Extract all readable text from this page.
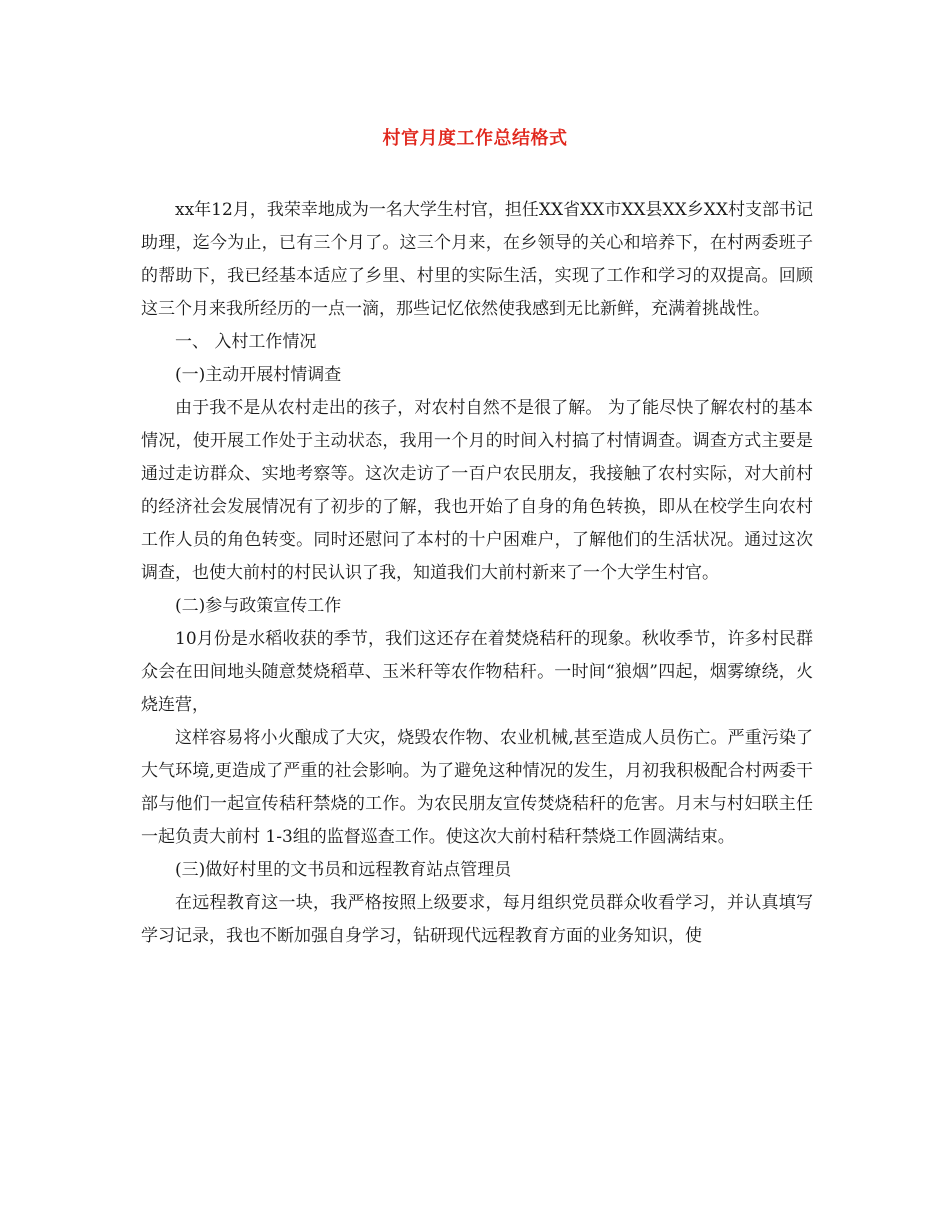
村官月度工作总结格式

xx年12月，我荣幸地成为一名大学生村官，担任XX省XX市XX县XX乡XX村支部书记助理，迄今为止，已有三个月了。这三个月来，在乡领导的关心和培养下，在村两委班子的帮助下，我已经基本适应了乡里、村里的实际生活，实现了工作和学习的双提高。回顾这三个月来我所经历的一点一滴，那些记忆依然使我感到无比新鲜，充满着挑战性。

一、 入村工作情况

(一)主动开展村情调查

由于我不是从农村走出的孩子，对农村自然不是很了解。 为了能尽快了解农村的基本情况，使开展工作处于主动状态，我用一个月的时间入村搞了村情调查。调查方式主要是通过走访群众、实地考察等。这次走访了一百户农民朋友，我接触了农村实际，对大前村的经济社会发展情况有了初步的了解，我也开始了自身的角色转换，即从在校学生向农村工作人员的角色转变。同时还慰问了本村的十户困难户，了解他们的生活状况。通过这次调查，也使大前村的村民认识了我，知道我们大前村新来了一个大学生村官。

(二)参与政策宣传工作

10月份是水稻收获的季节，我们这还存在着焚烧秸秆的现象。秋收季节，许多村民群众会在田间地头随意焚烧稻草、玉米秆等农作物秸秆。一时间“狼烟”四起，烟雾缭绕，火烧连营，

这样容易将小火酿成了大灾，烧毁农作物、农业机械,甚至造成人员伤亡。严重污染了大气环境,更造成了严重的社会影响。为了避免这种情况的发生，月初我积极配合村两委干部与他们一起宣传秸秆禁烧的工作。为农民朋友宣传焚烧秸秆的危害。月末与村妇联主任一起负责大前村 1-3组的监督巡查工作。使这次大前村秸秆禁烧工作圆满结束。

(三)做好村里的文书员和远程教育站点管理员

在远程教育这一块，我严格按照上级要求，每月组织党员群众收看学习，并认真填写学习记录，我也不断加强自身学习，钻研现代远程教育方面的业务知识，使
